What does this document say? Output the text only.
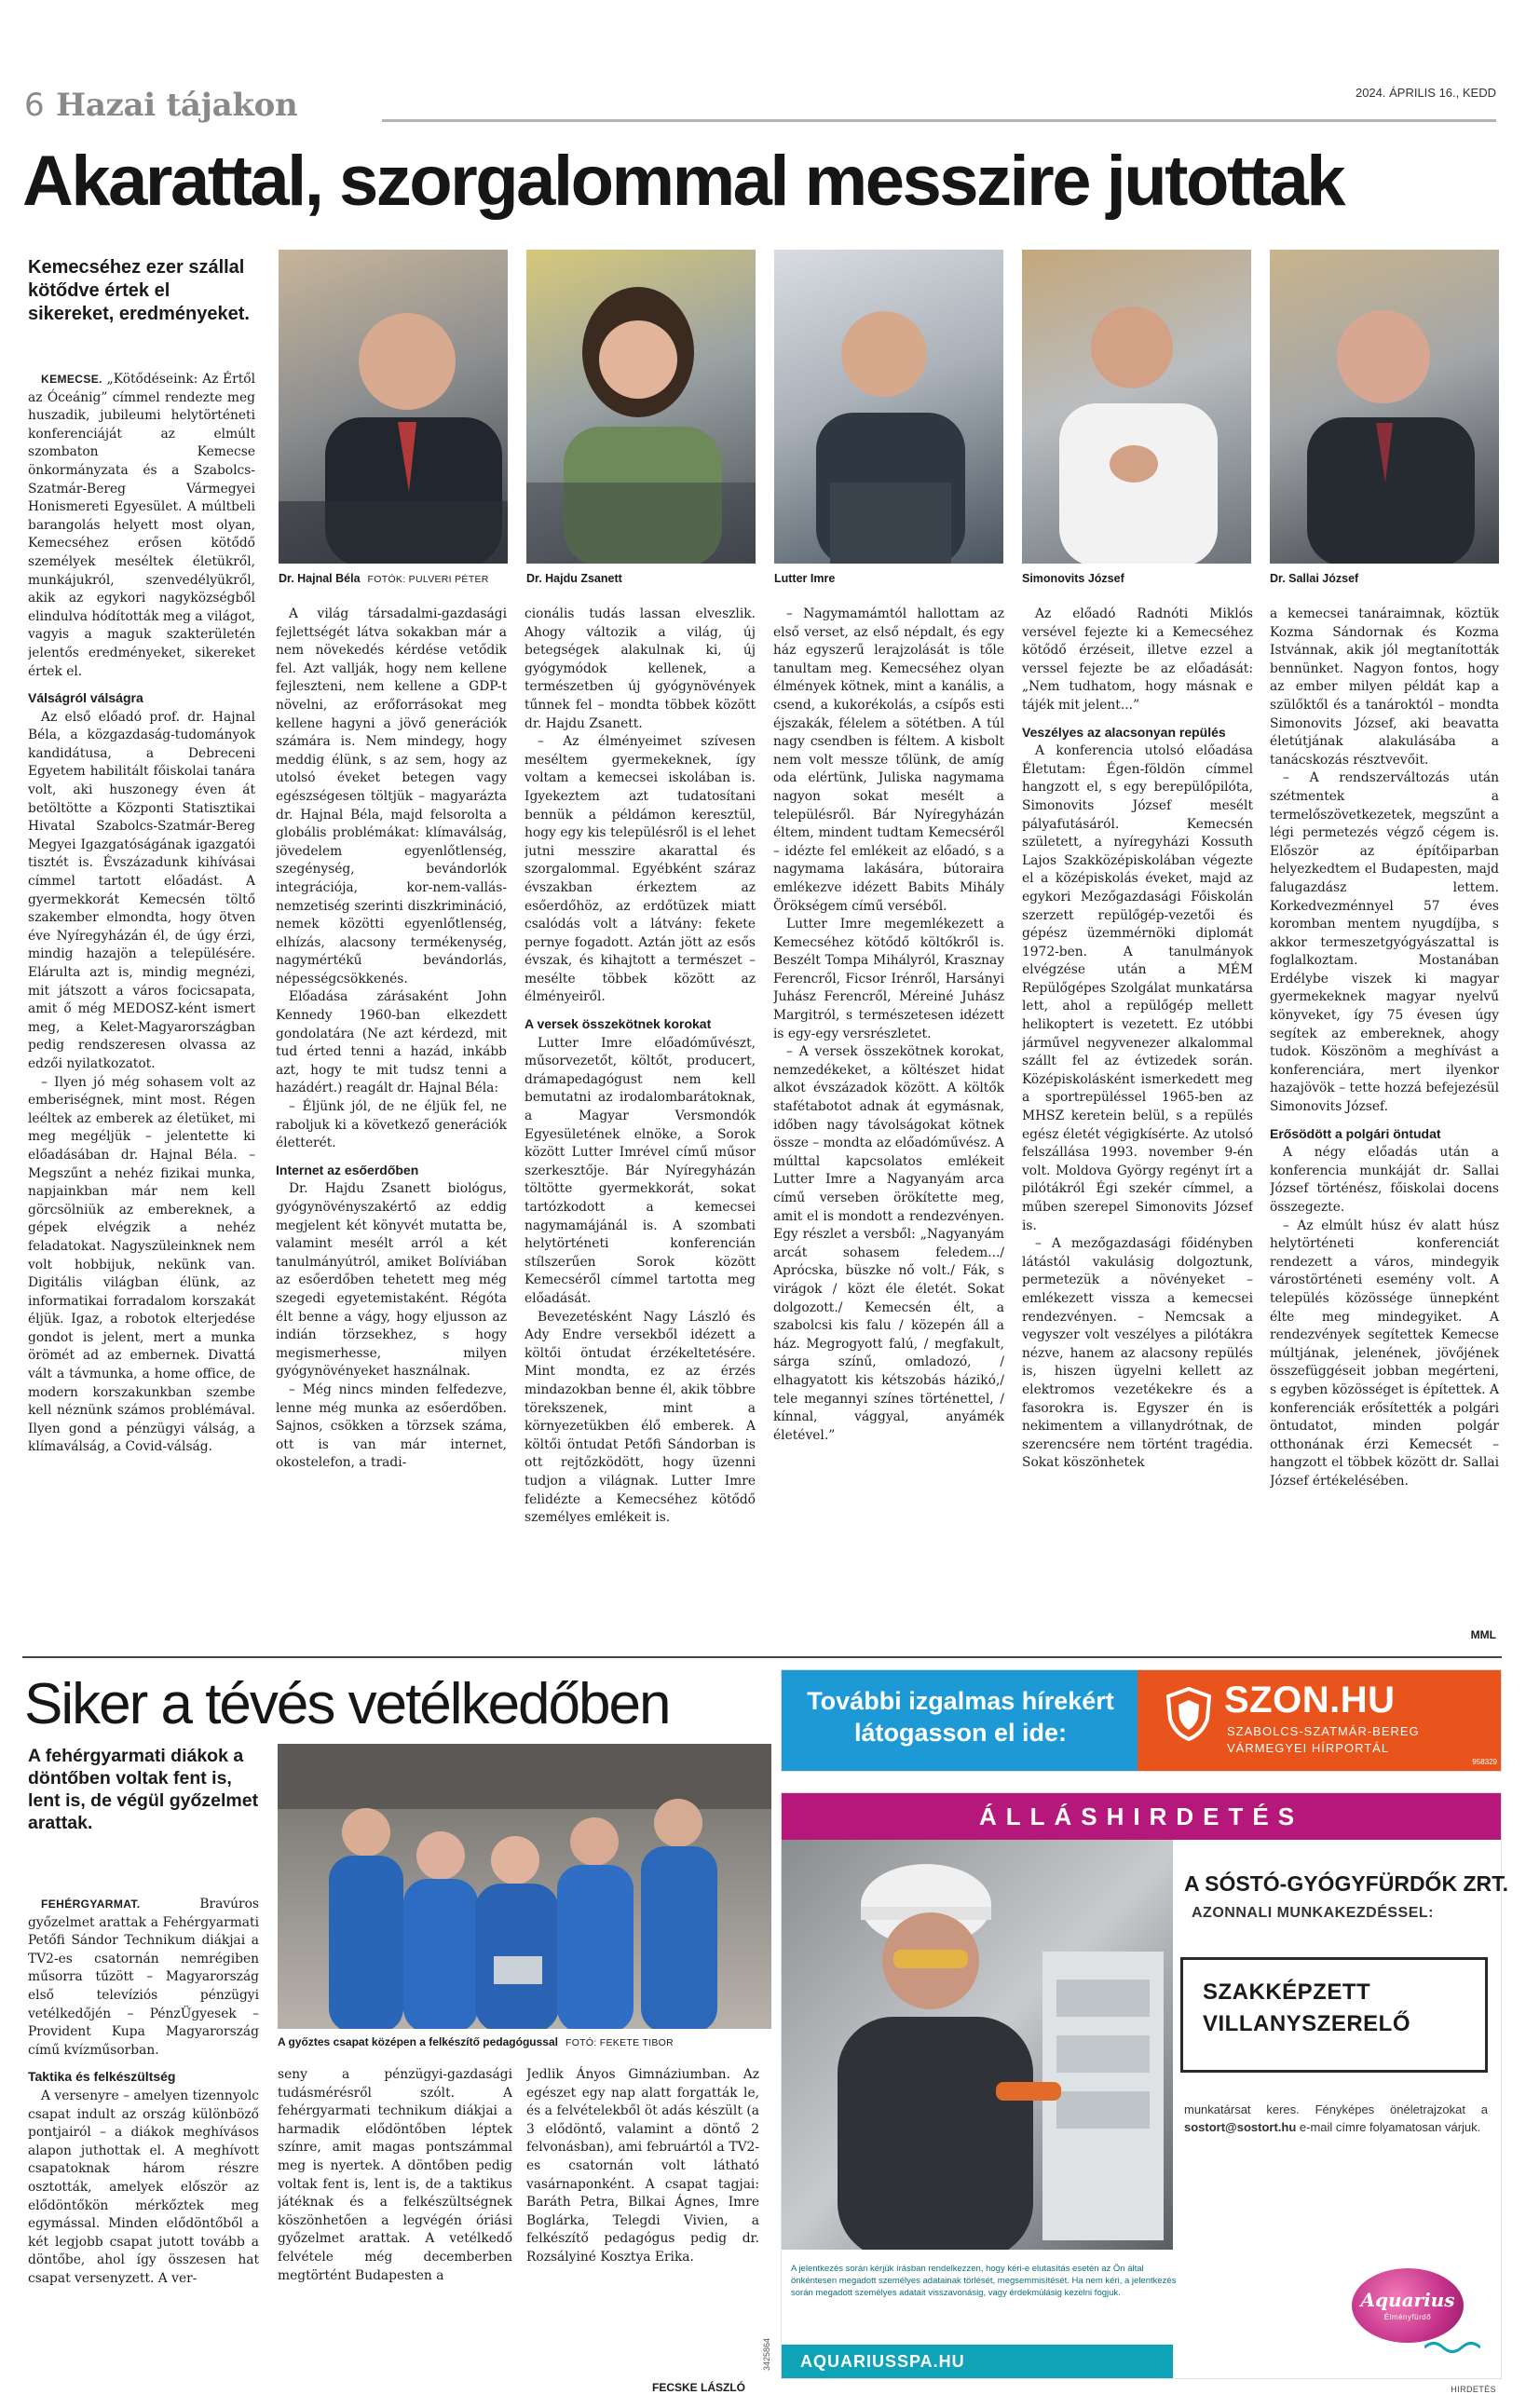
6 Hazai tájakon	2024. ÁPRILIS 16., KEDD
Akarattal, szorgalommal messzire jutottak
Kemecséhez ezer szállal kötődve értek el sikereket, eredményeket.
Dr. Hajnal Béla FOTÓK: PULVERI PÉTER	Dr. Hajdu Zsanett	Lutter Imre	Simonovits József	Dr. Sallai József

KEMECSE. „Kötődéseink: Az Értől az Óceánig” címmel rendezte meg huszadik, jubileumi helytörténeti konferenciáját az elmúlt szombaton Kemecse önkormányzata és a Szabolcs-Szatmár-Bereg Vármegyei Honismereti Egyesület. A múltbeli barangolás helyett most olyan, Kemecséhez erősen kötődő személyek meséltek életükről, munkájukról, szenvedélyükről, akik az egykori nagyközségből elindulva hódították meg a világot, vagyis a maguk szakterületén jelentős eredményeket, sikereket értek el.

Válságról válságra

Az első előadó prof. dr. Hajnal Béla, a közgazdaság-tudományok kandidátusa, a Debreceni Egyetem habilitált főiskolai tanára volt, aki huszonegy éven át betöltötte a Központi Statisztikai Hivatal Szabolcs-Szatmár-Bereg Megyei Igazgatóságának igazgatói tisztét is. Évszázadunk kihívásai címmel tartott előadást. A gyermekkorát Kemecsén töltő szakember elmondta, hogy ötven éve Nyíregyházán él, de úgy érzi, mindig hazajön a településére. Elárulta azt is, mindig megnézi, mit játszott a város focicsapata, amit ő még MEDOSZ-ként ismert meg, a Kelet-Magyarországban pedig rendszeresen olvassa az edzői nyilatkozatot.

– Ilyen jó még sohasem volt az emberiségnek, mint most. Régen leéltek az emberek az életüket, mi meg megéljük – jelentette ki előadásában dr. Hajnal Béla. – Megszűnt a nehéz fizikai munka, napjainkban már nem kell görcsölniük az embereknek, a gépek elvégzik a nehéz feladatokat. Nagyszüleinknek nem volt hobbijuk, nekünk van. Digitális világban élünk, az informatikai forradalom korszakát éljük. Igaz, a robotok elterjedése gondot is jelent, mert a munka örömét ad az embernek. Divattá vált a távmunka, a home office, de modern korszakunkban szembe kell néznünk számos problémával. Ilyen gond a pénzügyi válság, a klímaválság, a Covid-válság.

A világ társadalmi-gazdasági fejlettségét látva sokakban már a nem növekedés kérdése vetődik fel. Azt vallják, hogy nem kellene fejleszteni, nem kellene a GDP-t növelni, az erőforrásokat meg kellene hagyni a jövő generációk számára is. Nem mindegy, hogy meddig élünk, s az sem, hogy az utolsó éveket betegen vagy egészségesen töltjük – magyarázta dr. Hajnal Béla, majd felsorolta a globális problémákat: klímaválság, jövedelem egyenlőtlenség, szegénység, bevándorlók integrációja, kor-nem-vallás-nemzetiség szerinti diszkrimináció, nemek közötti egyenlőtlenség, elhízás, alacsony termékenység, nagymértékű bevándorlás, népességcsökkenés.

Előadása zárásaként John Kennedy 1960-ban elkezdett gondolatára (Ne azt kérdezd, mit tud érted tenni a hazád, inkább azt, hogy te mit tudsz tenni a hazádért.) reagált dr. Hajnal Béla:

– Éljünk jól, de ne éljük fel, ne raboljuk ki a következő generációk életterét.

Internet az esőerdőben

Dr. Hajdu Zsanett biológus, gyógynövényszakértő az eddig megjelent két könyvét mutatta be, valamint mesélt arról a két tanulmányútról, amiket Bolíviában az esőerdőben tehetett meg még szegedi egyetemistaként. Régóta élt benne a vágy, hogy eljusson az indián törzsekhez, s hogy megismerhesse, milyen gyógynövényeket használnak.

– Még nincs minden felfedezve, lenne még munka az esőerdőben. Sajnos, csökken a törzsek száma, ott is van már internet, okostelefon, a tradi-

cionális tudás lassan elveszlik. Ahogy változik a világ, új betegségek alakulnak ki, új gyógymódok kellenek, a természetben új gyógynövények tűnnek fel – mondta többek között dr. Hajdu Zsanett.

– Az élményeimet szívesen meséltem gyermekeknek, így voltam a kemecsei iskolában is. Igyekeztem azt tudatosítani bennük a példámon keresztül, hogy egy kis településről is el lehet jutni messzire akarattal és szorgalommal. Egyébként száraz évszakban érkeztem az esőerdőhöz, az erdőtüzek miatt csalódás volt a látvány: fekete pernye fogadott. Aztán jött az esős évszak, és kihajtott a természet – mesélte többek között az élményeiről.

A versek összekötnek korokat

Lutter Imre előadóművészt, műsorvezetőt, költőt, producert, drámapedagógust nem kell bemutatni az irodalombarátoknak, a Magyar Versmondók Egyesületének elnöke, a Sorok között Lutter Imrével című műsor szerkesztője. Bár Nyíregyházán töltötte gyermekkorát, sokat tartózkodott a kemecsei nagymamájánál is. A szombati helytörténeti konferencián stílszerűen Sorok között Kemecséről címmel tartotta meg előadását.

Bevezetésként Nagy László és Ady Endre versekből idézett a költői öntudat érzékeltetésére. Mint mondta, ez az érzés mindazokban benne él, akik többre törekszenek, mint a környezetükben élő emberek. A költői öntudat Petőfi Sándorban is ott rejtőzködött, hogy üzenni tudjon a világnak. Lutter Imre felidézte a Kemecséhez kötődő személyes emlékeit is.

– Nagymamámtól hallottam az első verset, az első népdalt, és egy ház egyszerű lerajzolását is tőle tanultam meg. Kemecséhez olyan élmények kötnek, mint a kanális, a csend, a kukorékolás, a csípős esti éjszakák, félelem a sötétben. A túl nagy csendben is féltem. A kisbolt nem volt messze tőlünk, de amíg oda elértünk, Juliska nagymama nagyon sokat mesélt a településről. Bár Nyíregyházán éltem, mindent tudtam Kemecséről – idézte fel emlékeit az előadó, s a nagymama lakására, bútoraira emlékezve idézett Babits Mihály Örökségem című verséből.

Lutter Imre megemlékezett a Kemecséhez kötődő költőkről is. Beszélt Tompa Mihályról, Krasznay Ferencről, Ficsor Irénről, Harsányi Juhász Ferencről, Méreiné Juhász Margitról, s természetesen idézett is egy-egy versrészletet.

– A versek összekötnek korokat, nemzedékeket, a költészet hidat alkot évszázadok között. A költők stafétabotot adnak át egymásnak, időben nagy távolságokat kötnek össze – mondta az előadóművész. A múlttal kapcsolatos emlékeit Lutter Imre a Nagyanyám arca című verseben örökítette meg, amit el is mondott a rendezvényen. Egy részlet a versből: „Nagyanyám arcát sohasem feledem.../ Aprócska, büszke nő volt./ Fák, s virágok / közt éle életét. Sokat dolgozott./ Kemecsén élt, a szabolcsi kis falu / közepén áll a ház. Megrogyott falú, / megfakult, sárga színű, omladozó, / elhagyatott kis kétszobás házikó,/ tele megannyi színes történettel, / kínnal, vággyal, anyámék életével.”

Az előadó Radnóti Miklós versével fejezte ki a Kemecséhez kötődő érzéseit, illetve ezzel a verssel fejezte be az előadását: „Nem tudhatom, hogy másnak e tájék mit jelent...”

Veszélyes az alacsonyan repülés

A konferencia utolsó előadása Életutam: Égen-földön címmel hangzott el, s egy berepülőpilóta, Simonovits József mesélt pályafutásáról. Kemecsén született, a nyíregyházi Kossuth Lajos Szakközépiskolában végezte el a középiskolás éveket, majd az egykori Mezőgazdasági Főiskolán szerzett repülőgép-vezetői és gépész üzemmérnöki diplomát 1972-ben. A tanulmányok elvégzése után a MÉM Repülőgépes Szolgálat munkatársa lett, ahol a repülőgép mellett helikoptert is vezetett. Ez utóbbi járművel negyvenezer alkalommal szállt fel az évtizedek során. Középiskolásként ismerkedett meg a sportrepüléssel 1965-ben az MHSZ keretein belül, s a repülés egész életét végigkísérte. Az utolsó felszállása 1993. november 9-én volt. Moldova György regényt írt a pilótákról Égi szekér címmel, a műben szerepel Simonovits József is.

– A mezőgazdasági főidényben látástól vakulásig dolgoztunk, permetezük a növényeket – emlékezett vissza a kemecsei rendezvényen. – Nemcsak a vegyszer volt veszélyes a pilótákra nézve, hanem az alacsony repülés is, hiszen ügyelni kellett az elektromos vezetékekre és a fasorokra is. Egyszer én is nekimentem a villanydrótnak, de szerencsére nem történt tragédia. Sokat köszönhetek

a kemecsei tanáraimnak, köztük Kozma Sándornak és Kozma Istvánnak, akik jól megtanították bennünket. Nagyon fontos, hogy az ember milyen példát kap a szülőktől és a tanároktól – mondta Simonovits József, aki beavatta életútjának alakulásába a tanácskozás résztvevőit.

– A rendszerváltozás után szétmentek a termelőszövetkezetek, megszűnt a légi permetezés végző cégem is. Először az építőiparban helyezkedtem el Budapesten, majd falugazdász lettem. Korkedvezménnyel 57 éves koromban mentem nyugdíjba, s akkor termeszetgyógyászattal is foglalkoztam. Mostanában Erdélybe viszek ki magyar gyermekeknek magyar nyelvű könyveket, így 75 évesen úgy segítek az embereknek, ahogy tudok. Köszönöm a meghívást a konferenciára, mert ilyenkor hazajövök – tette hozzá befejezésül Simonovits József.

Erősödött a polgári öntudat

A négy előadás után a konferencia munkáját dr. Sallai József történész, főiskolai docens összegezte.

– Az elmúlt húsz év alatt húsz helytörténeti konferenciát rendezett a város, mindegyik várostörténeti esemény volt. A település közössége ünnepként élte meg mindegyiket. A rendezvények segítettek Kemecse múltjának, jelenének, jövőjének összefüggéseit jobban megérteni, s egyben közösséget is építettek. A konferenciák erősítették a polgári öntudatot, minden polgár otthonának érzi Kemecsét – hangzott el többek között dr. Sallai József értékelésében.

MML
Siker a tévés vetélkedőben
A fehérgyarmati diákok a döntőben voltak fent is, lent is, de végül győzelmet arattak.
A győztes csapat középen a felkészítő pedagógussal FOTÓ: FEKETE TIBOR

FEHÉRGYARMAT.	Bravúros győzelmet arattak a Fehérgyarmati Petőfi Sándor Technikum diákjai a TV2-es csatornán nemrégiben műsorra tűzött – Magyarország első televíziós pénzügyi vetélkedőjén – PénzÜgyesek – Provident Kupa Magyarország című kvízműsorban.

Taktika és felkészültség

A versenyre – amelyen tizennyolc csapat indult az ország különböző pontjairól – a diákok meghívásos alapon juthottak el. A meghívott csapatoknak három részre osztották, amelyek először az elődöntőkön mérkőztek meg egymással. Minden elődöntőből a két legjobb csapat jutott tovább a döntőbe, ahol így összesen hat csapat versenyzett. A ver-

seny a pénzügyi-gazdasági tudásmérésről szólt. A fehérgyarmati technikum diákjai a harmadik elődöntőben léptek színre, amit magas pontszámmal meg is nyertek. A döntőben pedig voltak fent is, lent is, de a taktikus játéknak és a felkészültségnek köszönhetően a legvégén óriási győzelmet arattak. A vetélkedő felvétele még decemberben megtörtént Budapesten a

Jedlik Ányos Gimnáziumban. Az egészet egy nap alatt forgatták le, és a felvételekből öt adás készült (a 3 elődöntő, valamint a döntő 2 felvonásban), ami februártól a TV2-es csatornán volt látható vasárnaponként. A csapat tagjai: Baráth Petra, Bilkai Ágnes, Imre Boglárka, Telegdi Vivien, a felkészítő pedagógus pedig dr. Rozsályiné Kosztya Erika.

FECSKE LÁSZLÓ
3425864
További izgalmas hírekért látogasson el ide:
SZON.HU
SZABOLCS-SZATMÁR-BEREG
VÁRMEGYEI HÍRPORTÁL
958329
ÁLLÁSHIRDETÉS
A SÓSTÓ-GYÓGYFÜRDŐK ZRT.
AZONNALI MUNKAKEZDÉSSEL:
SZAKKÉPZETT
VILLANYSZERELŐ
munkatársat keres. Fényképes önéletrajzokat a sostort@sostort.hu e-mail címre folyamatosan várjuk.
A jelentkezés során kérjük írásban rendelkezzen, hogy kéri-e elutasítás esetén az Ön által önkéntesen megadott személyes adatainak törlését, megsemmisítését. Ha nem kéri, a jelentkezés során megadott személyes adatait visszavonásig, vagy érdekmúlásig kezelni fogjuk.
AQUARIUSSPA.HU
Aquarius
Élményfürdő
HIRDETÉS
